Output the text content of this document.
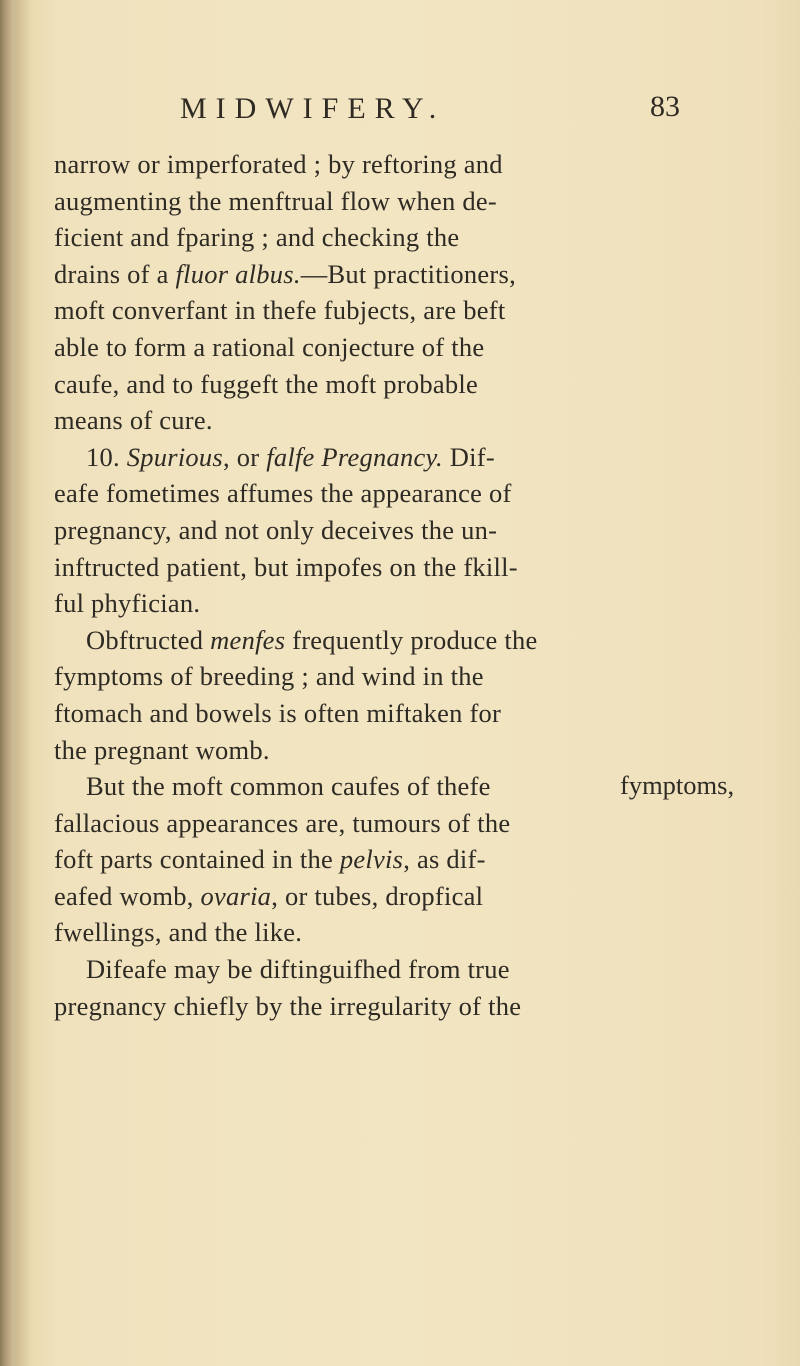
MIDWIFERY.	83
narrow or imperforated ; by reftoring and
augmenting the menftrual flow when de-
ficient and fparing ; and checking the
drains of a fluor albus.—But practitioners,
moft converfant in thefe fubjects, are beft
able to form a rational conjecture of the
caufe, and to fuggeft the moft probable
means of cure.
10. Spurious, or falfe Pregnancy. Dif-
eafe fometimes affumes the appearance of
pregnancy, and not only deceives the un-
inftructed patient, but impofes on the fkill-
ful phyfician.
Obftructed menfes frequently produce the
fymptoms of breeding ; and wind in the
ftomach and bowels is often miftaken for
the pregnant womb.
But the moft common caufes of thefe
fallacious appearances are, tumours of the
foft parts contained in the pelvis, as dif-
eafed womb, ovaria, or tubes, dropfical
fwellings, and the like.
Difeafe may be diftinguifhed from true
pregnancy chiefly by the irregularity of the
fymptoms,
